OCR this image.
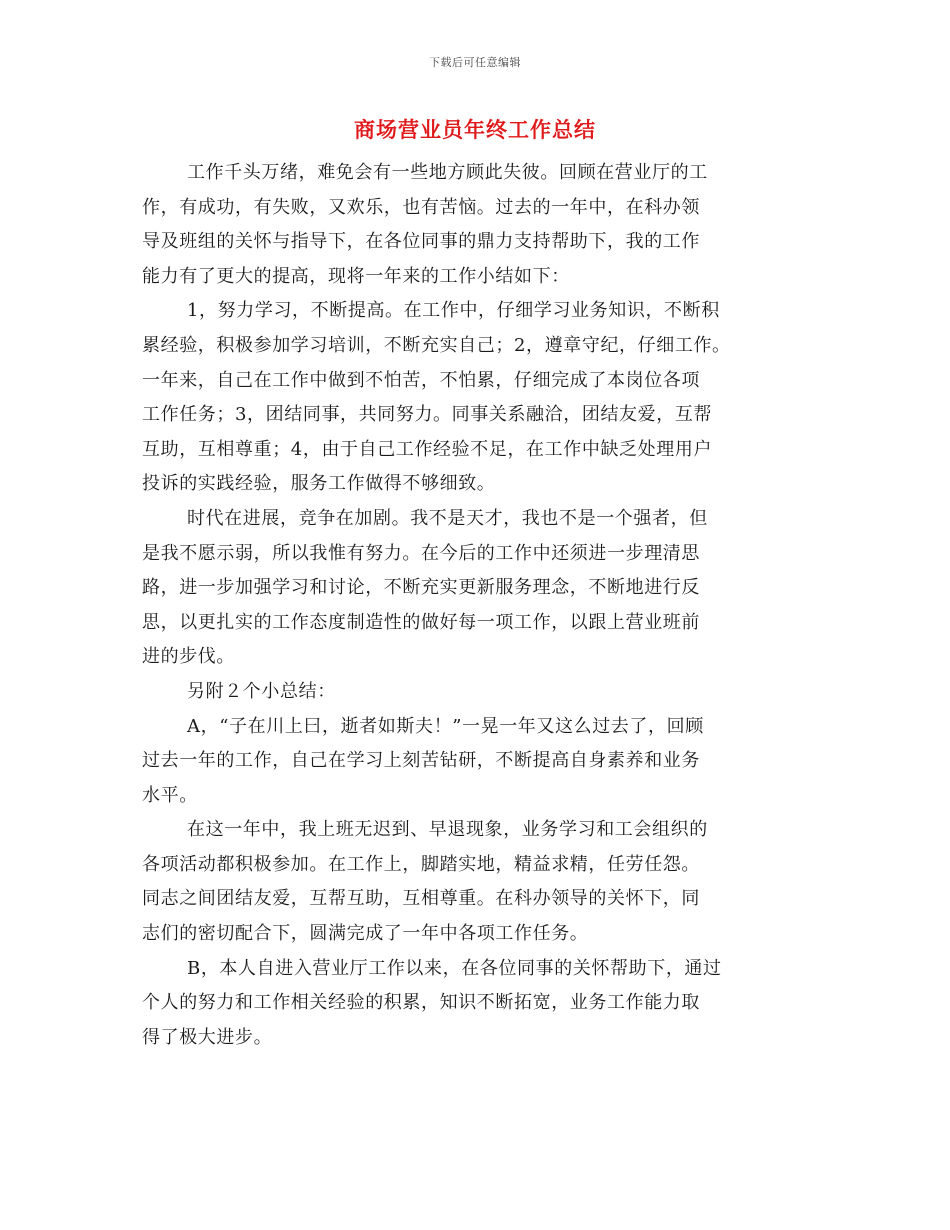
下载后可任意编辑
商场营业员年终工作总结
工作千头万绪，难免会有一些地方顾此失彼。回顾在营业厅的工
作，有成功，有失败，又欢乐，也有苦恼。过去的一年中，在科办领
导及班组的关怀与指导下，在各位同事的鼎力支持帮助下，我的工作
能力有了更大的提高，现将一年来的工作小结如下：
1，努力学习，不断提高。在工作中，仔细学习业务知识，不断积
累经验，积极参加学习培训，不断充实自己；2，遵章守纪，仔细工作。
一年来，自己在工作中做到不怕苦，不怕累，仔细完成了本岗位各项
工作任务；3，团结同事，共同努力。同事关系融洽，团结友爱，互帮
互助，互相尊重；4，由于自己工作经验不足，在工作中缺乏处理用户
投诉的实践经验，服务工作做得不够细致。
时代在进展，竞争在加剧。我不是天才，我也不是一个强者，但
是我不愿示弱，所以我惟有努力。在今后的工作中还须进一步理清思
路，进一步加强学习和讨论，不断充实更新服务理念，不断地进行反
思，以更扎实的工作态度制造性的做好每一项工作，以跟上营业班前
进的步伐。
另附２个小总结：
A，“子在川上曰，逝者如斯夫！”一晃一年又这么过去了，回顾
过去一年的工作，自己在学习上刻苦钻研，不断提高自身素养和业务
水平。
在这一年中，我上班无迟到、早退现象，业务学习和工会组织的
各项活动都积极参加。在工作上，脚踏实地，精益求精，任劳任怨。
同志之间团结友爱，互帮互助，互相尊重。在科办领导的关怀下，同
志们的密切配合下，圆满完成了一年中各项工作任务。
B，本人自进入营业厅工作以来，在各位同事的关怀帮助下，通过
个人的努力和工作相关经验的积累，知识不断拓宽，业务工作能力取
得了极大进步。
